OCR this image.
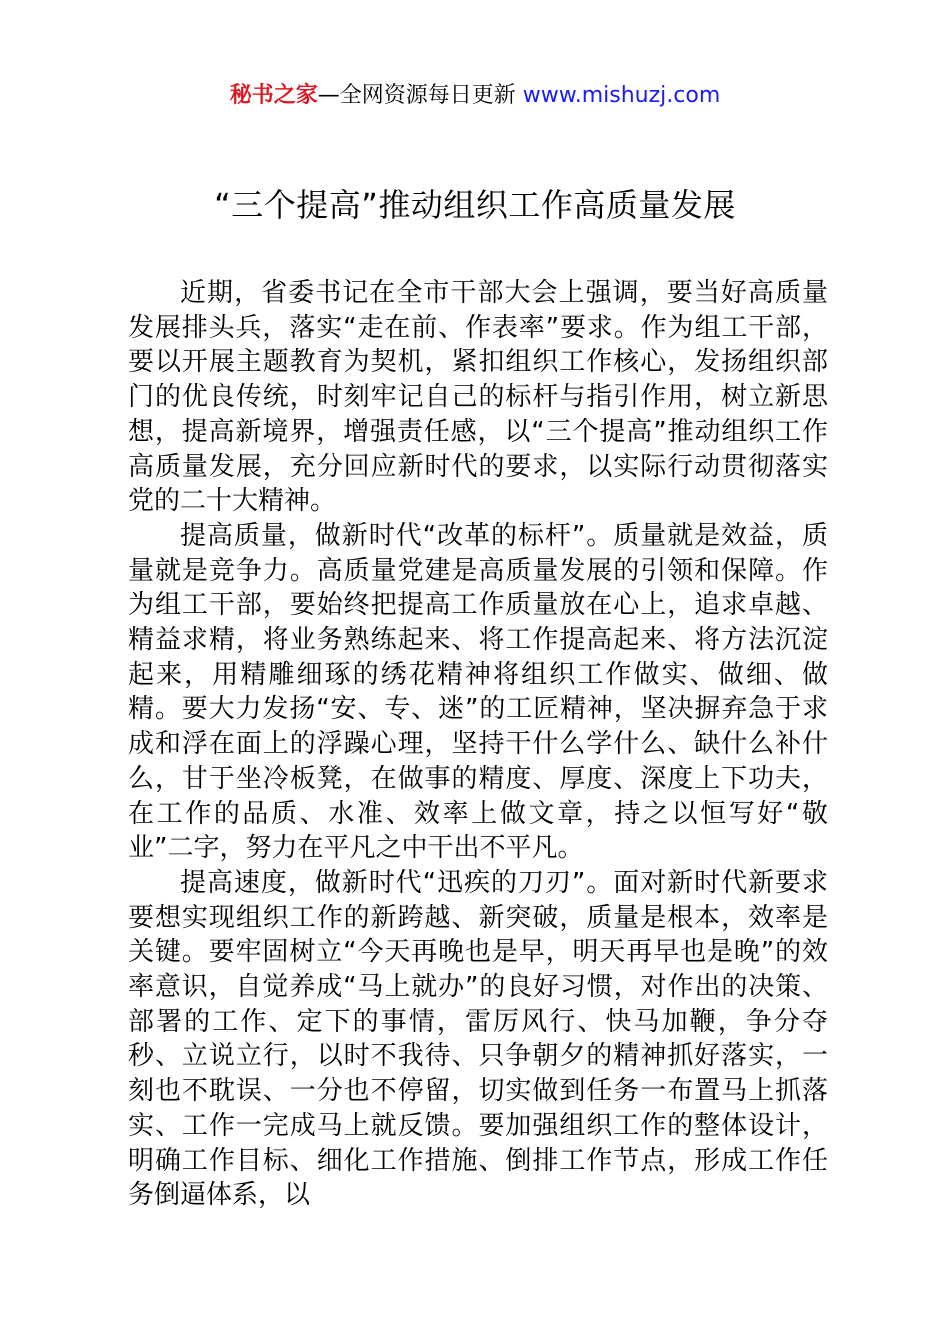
秘书之家—全网资源每日更新 www.mishuzj.com
“三个提高”推动组织工作高质量发展

近期，省委书记在全市干部大会上强调，要当好高质量发展排头兵，落实“走在前、作表率”要求。作为组工干部，要以开展主题教育为契机，紧扣组织工作核心，发扬组织部门的优良传统，时刻牢记自己的标杆与指引作用，树立新思想，提高新境界，增强责任感，以“三个提高”推动组织工作高质量发展，充分回应新时代的要求，以实际行动贯彻落实党的二十大精神。

提高质量，做新时代“改革的标杆”。质量就是效益，质量就是竞争力。高质量党建是高质量发展的引领和保障。作为组工干部，要始终把提高工作质量放在心上，追求卓越、精益求精，将业务熟练起来、将工作提高起来、将方法沉淀起来，用精雕细琢的绣花精神将组织工作做实、做细、做精。要大力发扬“安、专、迷”的工匠精神，坚决摒弃急于求成和浮在面上的浮躁心理，坚持干什么学什么、缺什么补什么，甘于坐冷板凳，在做事的精度、厚度、深度上下功夫，在工作的品质、水准、效率上做文章，持之以恒写好“敬业”二字，努力在平凡之中干出不平凡。

提高速度，做新时代“迅疾的刀刃”。面对新时代新要求要想实现组织工作的新跨越、新突破，质量是根本，效率是关键。要牢固树立“今天再晚也是早，明天再早也是晚”的效率意识，自觉养成“马上就办”的良好习惯，对作出的决策、部署的工作、定下的事情，雷厉风行、快马加鞭，争分夺秒、立说立行，以时不我待、只争朝夕的精神抓好落实，一刻也不耽误、一分也不停留，切实做到任务一布置马上抓落实、工作一完成马上就反馈。要加强组织工作的整体设计，明确工作目标、细化工作措施、倒排工作节点，形成工作任务倒逼体系，以
